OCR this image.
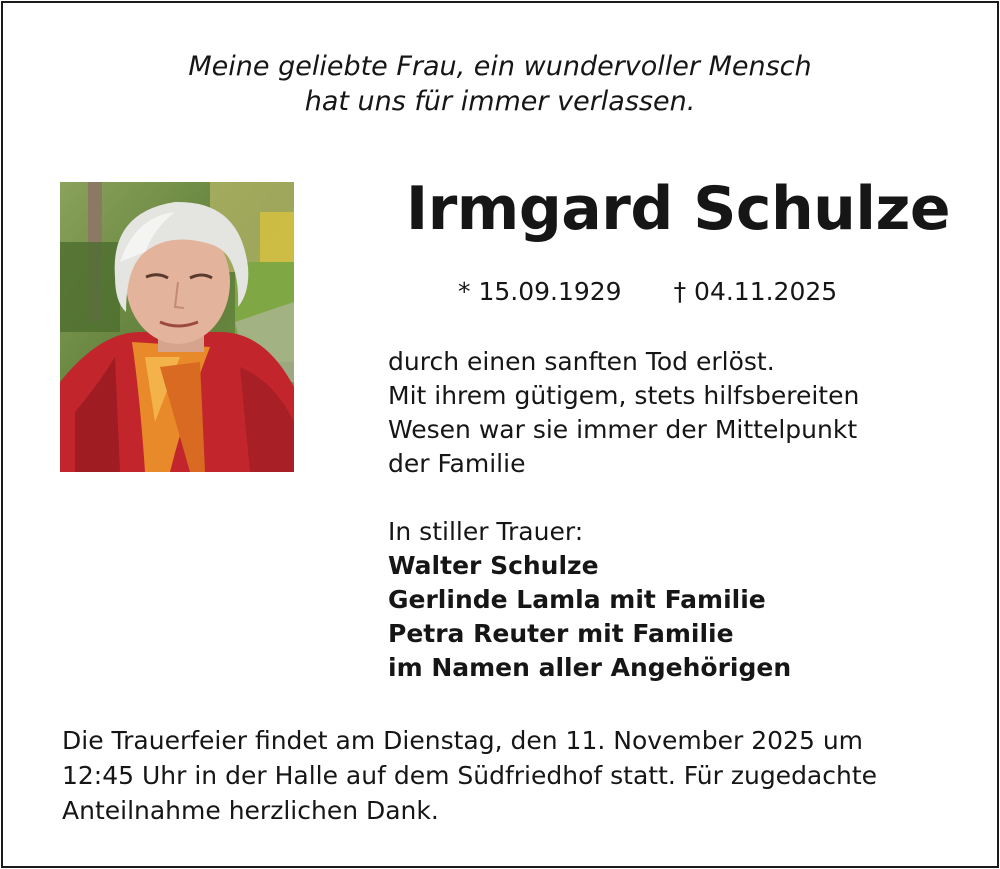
Meine geliebte Frau, ein wundervoller Mensch
hat uns für immer verlassen.
Irmgard Schulze
* 15.09.1929 † 04.11.2025
durch einen sanften Tod erlöst.
Mit ihrem gütigem, stets hilfsbereiten
Wesen war sie immer der Mittelpunkt
der Familie
In stiller Trauer:
Walter Schulze
Gerlinde Lamla mit Familie
Petra Reuter mit Familie
im Namen aller Angehörigen
Die Trauerfeier findet am Dienstag, den 11. November 2025 um
12:45 Uhr in der Halle auf dem Südfriedhof statt. Für zugedachte
Anteilnahme herzlichen Dank.
